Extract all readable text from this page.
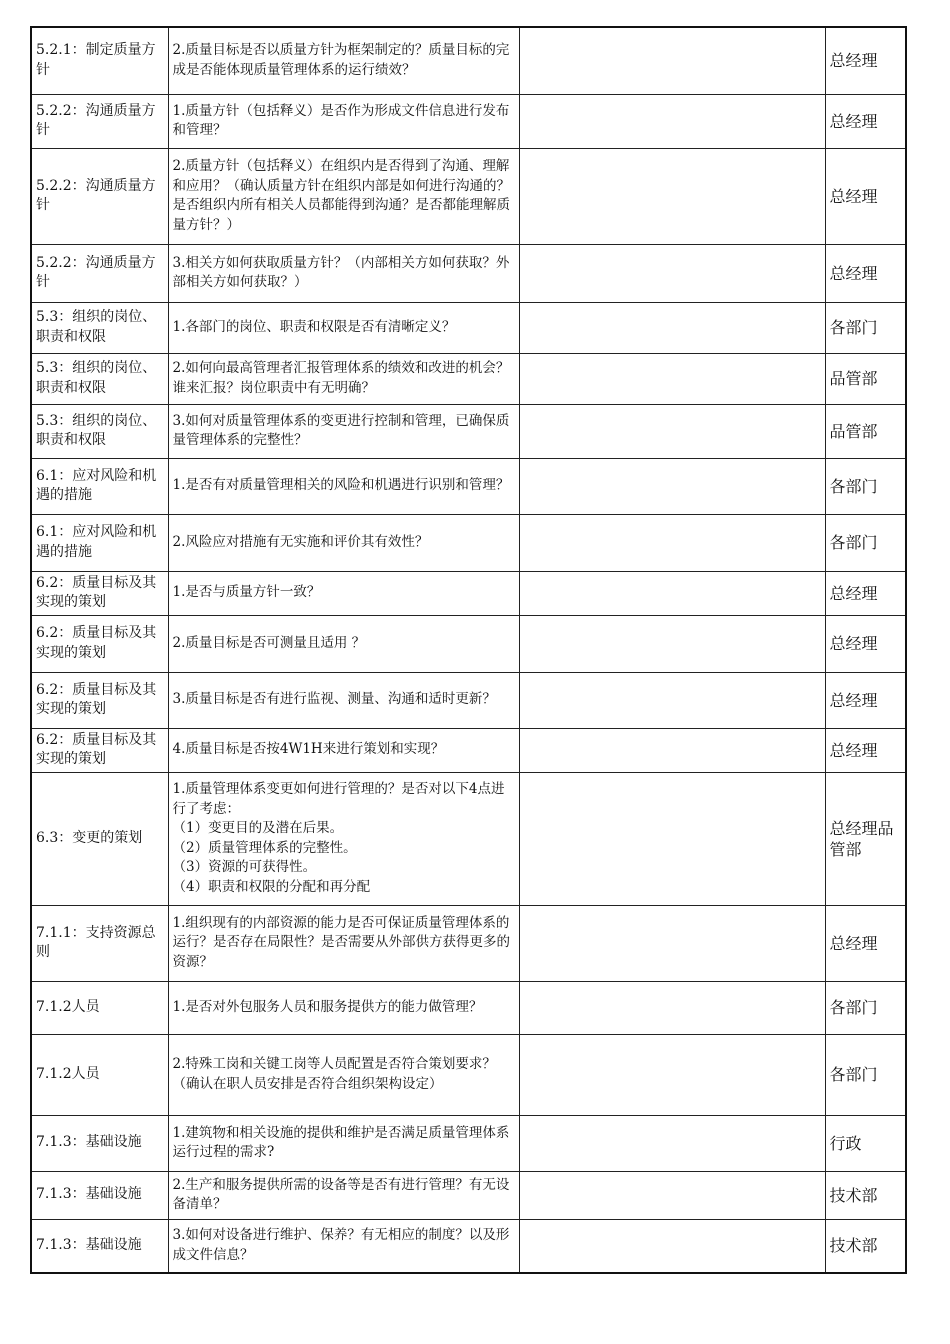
5.2.1：制定质量方针	2.质量目标是否以质量方针为框架制定的？质量目标的完成是否能体现质量管理体系的运行绩效？		总经理
5.2.2：沟通质量方针	1.质量方针（包括释义）是否作为形成文件信息进行发布和管理？		总经理
5.2.2：沟通质量方针	2.质量方针（包括释义）在组织内是否得到了沟通、理解和应用？（确认质量方针在组织内部是如何进行沟通的？是否组织内所有相关人员都能得到沟通？是否都能理解质量方针？）		总经理
5.2.2：沟通质量方针	3.相关方如何获取质量方针？（内部相关方如何获取？外部相关方如何获取？）		总经理
5.3：组织的岗位、职责和权限	1.各部门的岗位、职责和权限是否有清晰定义？		各部门
5.3：组织的岗位、职责和权限	2.如何向最高管理者汇报管理体系的绩效和改进的机会？谁来汇报？岗位职责中有无明确？		品管部
5.3：组织的岗位、职责和权限	3.如何对质量管理体系的变更进行控制和管理，已确保质量管理体系的完整性？		品管部
6.1：应对风险和机遇的措施	1.是否有对质量管理相关的风险和机遇进行识别和管理？		各部门
6.1：应对风险和机遇的措施	2.风险应对措施有无实施和评价其有效性？		各部门
6.2：质量目标及其实现的策划	1.是否与质量方针一致？		总经理
6.2：质量目标及其实现的策划	2.质量目标是否可测量且适用 ？		总经理
6.2：质量目标及其实现的策划	3.质量目标是否有进行监视、测量、沟通和适时更新？		总经理
6.2：质量目标及其实现的策划	4.质量目标是否按4W1H来进行策划和实现？		总经理
6.3：变更的策划	1.质量管理体系变更如何进行管理的？是否对以下4点进行了考虑：
（1）变更目的及潜在后果。
（2）质量管理体系的完整性。
（3）资源的可获得性。
（4）职责和权限的分配和再分配		总经理品管部
7.1.1：支持资源总则	1.组织现有的内部资源的能力是否可保证质量管理体系的运行？是否存在局限性？是否需要从外部供方获得更多的资源？		总经理
7.1.2人员	1.是否对外包服务人员和服务提供方的能力做管理？		各部门
7.1.2人员	2.特殊工岗和关键工岗等人员配置是否符合策划要求？（确认在职人员安排是否符合组织架构设定）		各部门
7.1.3：基础设施	1.建筑物和相关设施的提供和维护是否满足质量管理体系运行过程的需求?		行政
7.1.3：基础设施	2.生产和服务提供所需的设备等是否有进行管理？有无设备清单？		技术部
7.1.3：基础设施	3.如何对设备进行维护、保养？有无相应的制度？以及形成文件信息？		技术部
